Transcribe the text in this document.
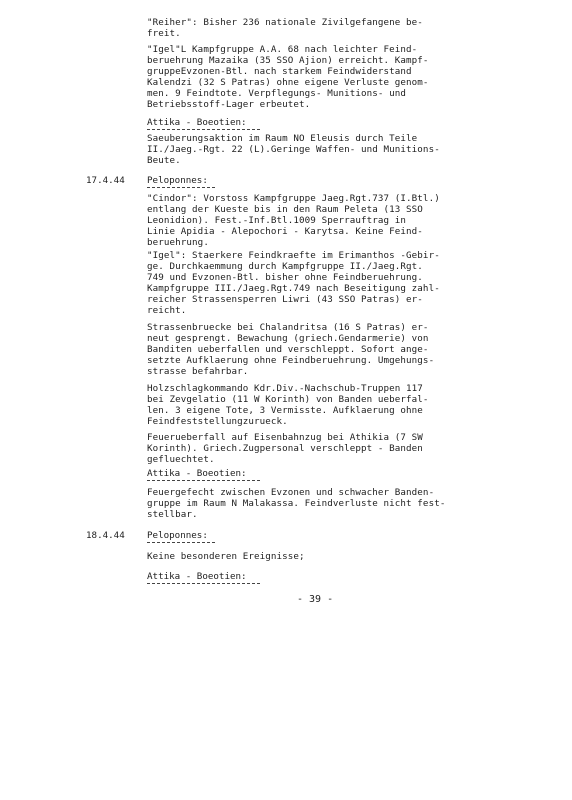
"Reiher": Bisher 236 nationale Zivilgefangene be-
freit.
"Igel"L Kampfgruppe A.A. 68 nach leichter Feind-
beruehrung Mazaika (35 SSO Ajion) erreicht. Kampf-
gruppeEvzonen-Btl. nach starkem Feindwiderstand
Kalendzi (32 S Patras) ohne eigene Verluste genom-
men. 9 Feindtote. Verpflegungs- Munitions- und
Betriebsstoff-Lager erbeutet.
Attika - Boeotien:
Saeuberungsaktion im Raum NO Eleusis durch Teile
II./Jaeg.-Rgt. 22 (L).Geringe Waffen- und Munitions-
Beute.
17.4.44 Peloponnes:
"Cindor": Vorstoss Kampfgruppe Jaeg.Rgt.737 (I.Btl.)
entlang der Kueste bis in den Raum Peleta (13 SSO
Leonidion). Fest.-Inf.Btl.1009 Sperrauftrag in
Linie Apidia - Alepochori - Karytsa. Keine Feind-
beruehrung.
"Igel": Staerkere Feindkraefte im Erimanthos -Gebir-
ge. Durchkaemmung durch Kampfgruppe II./Jaeg.Rgt.
749 und Evzonen-Btl. bisher ohne Feindberuehrung.
Kampfgruppe III./Jaeg.Rgt.749 nach Beseitigung zahl-
reicher Strassensperren Liwri (43 SSO Patras) er-
reicht.
Strassenbruecke bei Chalandritsa (16 S Patras) er-
neut gesprengt. Bewachung (griech.Gendarmerie) von
Banditen ueberfallen und verschleppt. Sofort ange-
setzte Aufklaerung ohne Feindberuehrung. Umgehungs-
strasse befahrbar.
Holzschlagkommando Kdr.Div.-Nachschub-Truppen 117
bei Zevgelatio (11 W Korinth) von Banden ueberfal-
len. 3 eigene Tote, 3 Vermisste. Aufklaerung ohne
Feindfeststellungzurueck.
Feuerueberfall auf Eisenbahnzug bei Athikia (7 SW
Korinth). Griech.Zugpersonal verschleppt - Banden
gefluechtet.
Attika - Boeotien:
Feuergefecht zwischen Evzonen und schwacher Banden-
gruppe im Raum N Malakassa. Feindverluste nicht fest-
stellbar.
18.4.44 Peloponnes:
Keine besonderen Ereignisse;
Attika - Boeotien:
- 39 -
